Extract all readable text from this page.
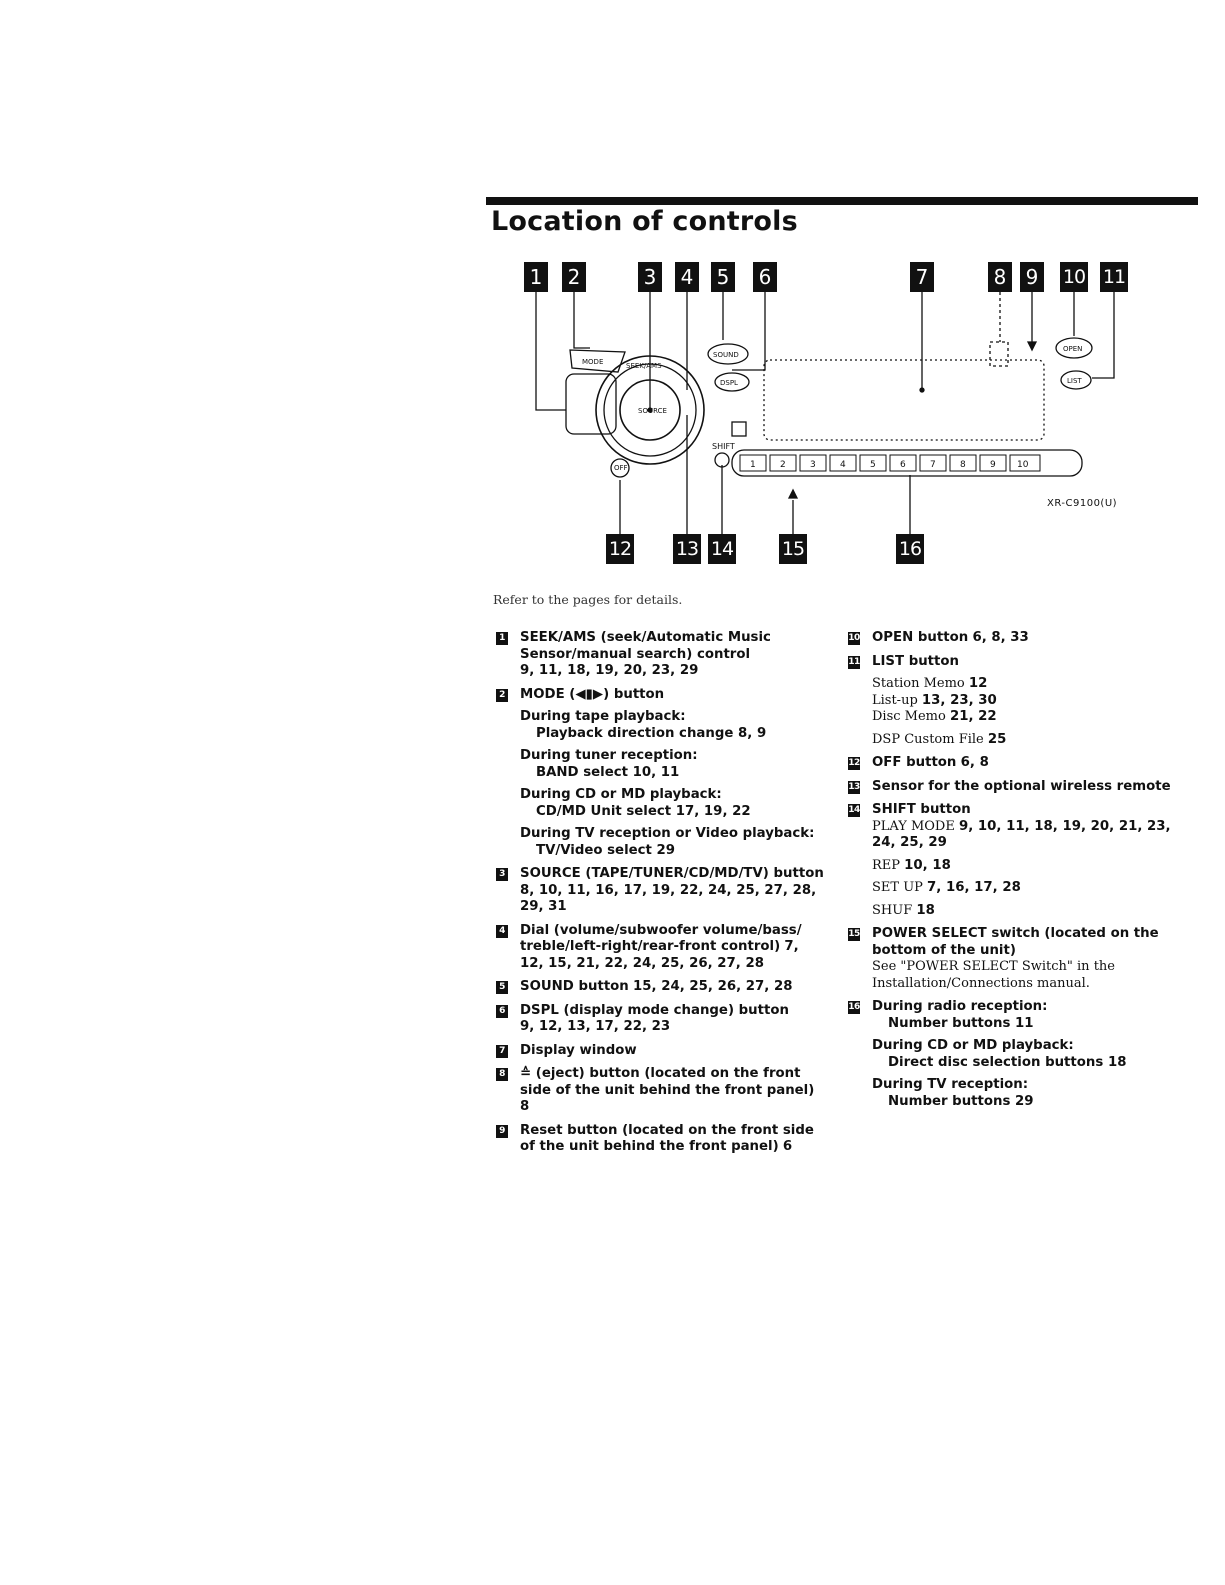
Location of controls
MODE	SEEK/AMS
SOURCE
SOUND
DSPL
OPEN
LIST
OFF	1	2	3	4	5	6	7	8	9 10
1 2	3 4 5 6	7	8 9 10 11
12 13 14	15	16
SHIFT
XR-C9100(U)

Refer to the pages for details.

1 SEEK/AMS (seek/Automatic Music Sensor/manual search) control
9, 11, 18, 19, 20, 23, 29
2 MODE (◀▮▶) button
During tape playback:
Playback direction change 8, 9
During tuner reception:
BAND select 10, 11
During CD or MD playback:
CD/MD Unit select 17, 19, 22
During TV reception or Video playback:
TV/Video select 29
3 SOURCE (TAPE/TUNER/CD/MD/TV) button 8, 10, 11, 16, 17, 19, 22, 24, 25, 27, 28, 29, 31
4 Dial (volume/subwoofer volume/bass/ treble/left-right/rear-front control) 7, 12, 15, 21, 22, 24, 25, 26, 27, 28
5 SOUND button 15, 24, 25, 26, 27, 28
6 DSPL (display mode change) button
9, 12, 13, 17, 22, 23
7 Display window
8 ≙ (eject) button (located on the front side of the unit behind the front panel)
8
9 Reset button (located on the front side of the unit behind the front panel) 6
10 OPEN button 6, 8, 33
11 LIST button
Station Memo 12
List-up 13, 23, 30
Disc Memo 21, 22
DSP Custom File 25
12 OFF button 6, 8
13 Sensor for the optional wireless remote
14 SHIFT button
PLAY MODE 9, 10, 11, 18, 19, 20, 21, 23, 24, 25, 29
REP 10, 18
SET UP 7, 16, 17, 28
SHUF 18
15 POWER SELECT switch (located on the bottom of the unit)
See "POWER SELECT Switch" in the Installation/Connections manual.
16 During radio reception:
Number buttons 11
During CD or MD playback:
Direct disc selection buttons 18
During TV reception:
Number buttons 29
